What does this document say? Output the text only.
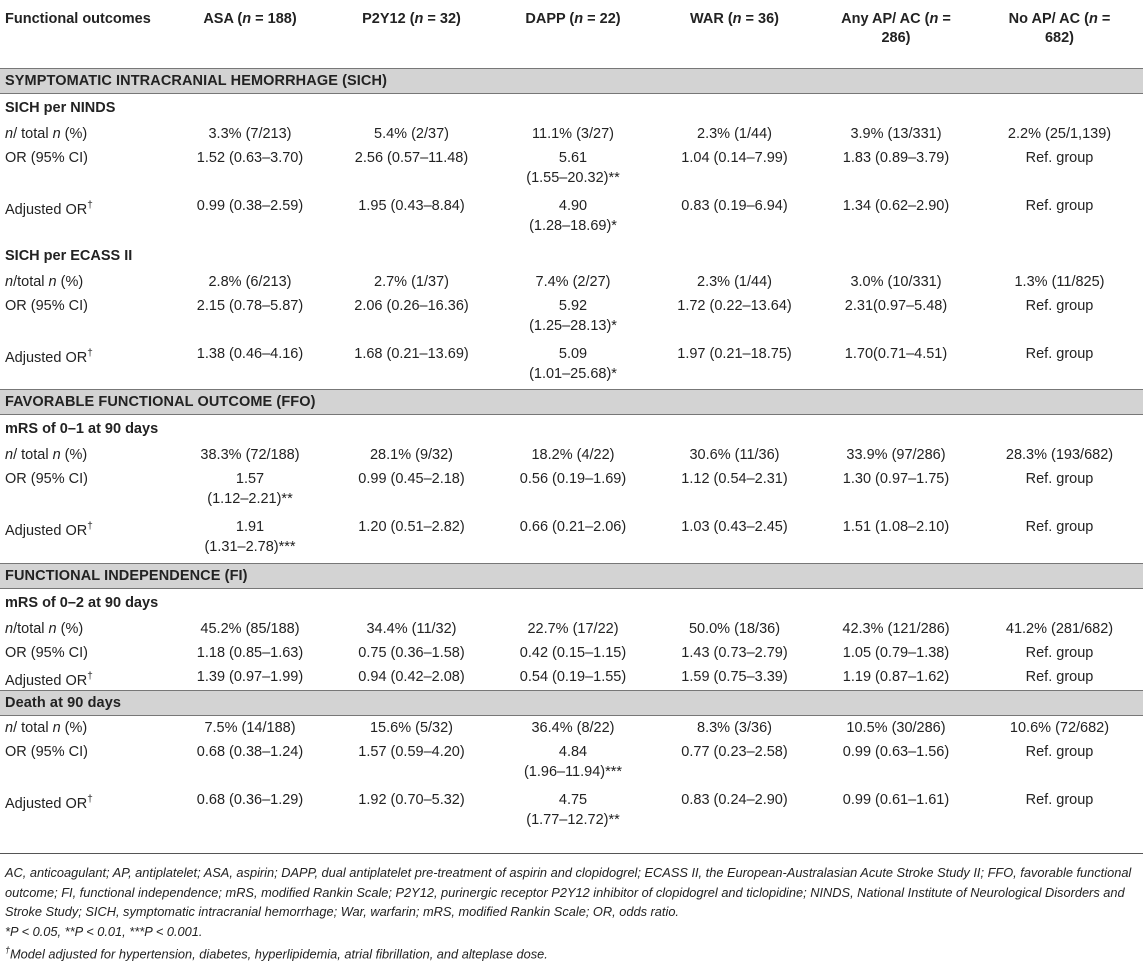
Functional outcomes	ASA (n = 188)	P2Y12 (n = 32)	DAPP (n = 22)	WAR (n = 36)	Any AP/ AC (n =
286)	No AP/ AC (n =
682)
SYMPTOMATIC INTRACRANIAL HEMORRHAGE (SICH)						
SICH per NINDS						
n/ total n (%)	3.3% (7/213)	5.4% (2/37)	11.1% (3/27)	2.3% (1/44)	3.9% (13/331)	2.2% (25/1,139)
OR (95% CI)	1.52 (0.63–3.70)	2.56 (0.57–11.48)	5.61
(1.55–20.32)**	1.04 (0.14–7.99)	1.83 (0.89–3.79)	Ref. group
Adjusted OR†	0.99 (0.38–2.59)	1.95 (0.43–8.84)	4.90
(1.28–18.69)*	0.83 (0.19–6.94)	1.34 (0.62–2.90)	Ref. group
SICH per ECASS II						
n/total n (%)	2.8% (6/213)	2.7% (1/37)	7.4% (2/27)	2.3% (1/44)	3.0% (10/331)	1.3% (11/825)
OR (95% CI)	2.15 (0.78–5.87)	2.06 (0.26–16.36)	5.92
(1.25–28.13)*	1.72 (0.22–13.64)	2.31(0.97–5.48)	Ref. group
Adjusted OR†	1.38 (0.46–4.16)	1.68 (0.21–13.69)	5.09
(1.01–25.68)*	1.97 (0.21–18.75)	1.70(0.71–4.51)	Ref. group
FAVORABLE FUNCTIONAL OUTCOME (FFO)						
mRS of 0–1 at 90 days						
n/ total n (%)	38.3% (72/188)	28.1% (9/32)	18.2% (4/22)	30.6% (11/36)	33.9% (97/286)	28.3% (193/682)
OR (95% CI)	1.57
(1.12–2.21)**	0.99 (0.45–2.18)	0.56 (0.19–1.69)	1.12 (0.54–2.31)	1.30 (0.97–1.75)	Ref. group
Adjusted OR†	1.91
(1.31–2.78)***	1.20 (0.51–2.82)	0.66 (0.21–2.06)	1.03 (0.43–2.45)	1.51 (1.08–2.10)	Ref. group
FUNCTIONAL INDEPENDENCE (FI)						
mRS of 0–2 at 90 days						
n/total n (%)	45.2% (85/188)	34.4% (11/32)	22.7% (17/22)	50.0% (18/36)	42.3% (121/286)	41.2% (281/682)
OR (95% CI)	1.18 (0.85–1.63)	0.75 (0.36–1.58)	0.42 (0.15–1.15)	1.43 (0.73–2.79)	1.05 (0.79–1.38)	Ref. group
Adjusted OR†	1.39 (0.97–1.99)	0.94 (0.42–2.08)	0.54 (0.19–1.55)	1.59 (0.75–3.39)	1.19 (0.87–1.62)	Ref. group
Death at 90 days						
n/ total n (%)	7.5% (14/188)	15.6% (5/32)	36.4% (8/22)	8.3% (3/36)	10.5% (30/286)	10.6% (72/682)
OR (95% CI)	0.68 (0.38–1.24)	1.57 (0.59–4.20)	4.84
(1.96–11.94)***	0.77 (0.23–2.58)	0.99 (0.63–1.56)	Ref. group
Adjusted OR†	0.68 (0.36–1.29)	1.92 (0.70–5.32)	4.75
(1.77–12.72)**	0.83 (0.24–2.90)	0.99 (0.61–1.61)	Ref. group

AC, anticoagulant; AP, antiplatelet; ASA, aspirin; DAPP, dual antiplatelet pre-treatment of aspirin and clopidogrel; ECASS II, the European-Australasian Acute Stroke Study II; FFO, favorable functional outcome; FI, functional independence; mRS, modified Rankin Scale; P2Y12, purinergic receptor P2Y12 inhibitor of clopidogrel and ticlopidine; NINDS, National Institute of Neurological Disorders and Stroke Study; SICH, symptomatic intracranial hemorrhage; War, warfarin; mRS, modified Rankin Scale; OR, odds ratio.

*P < 0.05, **P < 0.01, ***P < 0.001.

†Model adjusted for hypertension, diabetes, hyperlipidemia, atrial fibrillation, and alteplase dose.
